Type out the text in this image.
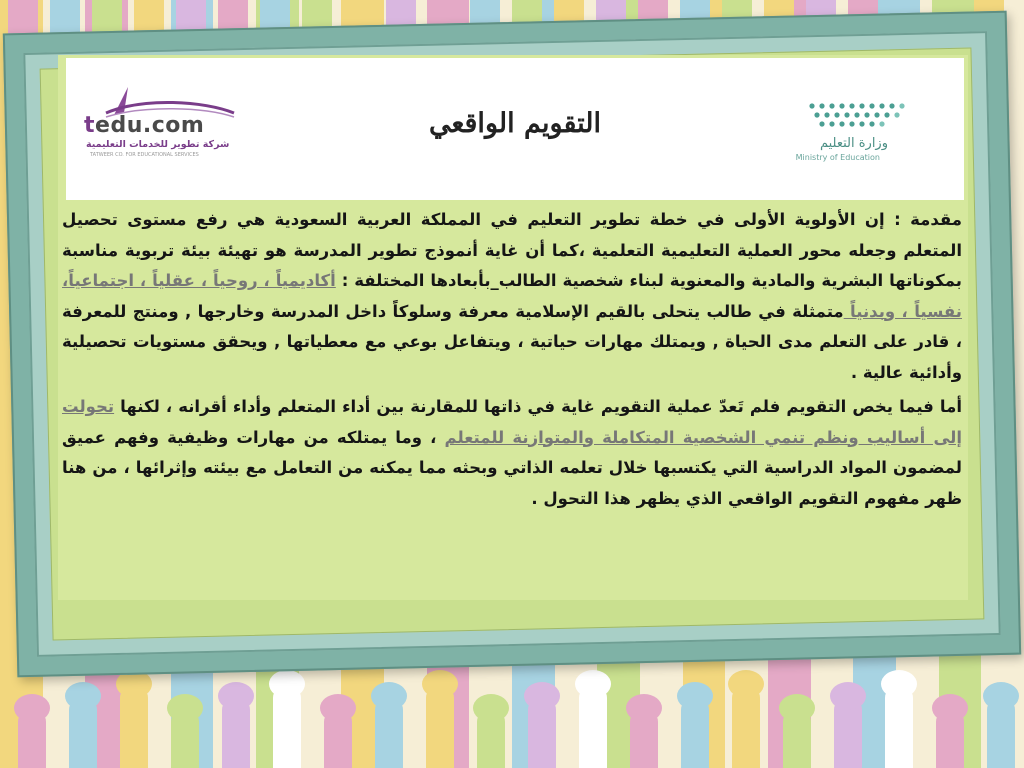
tedu.com
شركة تطوير للخدمات التعليمية
TATWEER CO. FOR EDUCATIONAL SERVICES
التقويم الواقعي
وزارة التعليم
Ministry of Education

مقدمة : إن الأولوية الأولى في خطة تطوير التعليم في المملكة العربية السعودية هي رفع مستوى تحصيل المتعلم وجعله محور العملية التعليمية التعلمية ،كما أن غاية أنموذج تطوير المدرسة هو تهيئة بيئة تربوية مناسبة بمكوناتها البشرية والمادية والمعنوية لبناء شخصية الطالب_بأبعادها المختلفة : أكاديمياً ، روحياً ، عقلياً ، اجتماعياً، نفسياً ، وبدنياً متمثلة في طالب يتحلى بالقيم الإسلامية معرفة وسلوكاً داخل المدرسة وخارجها , ومنتج للمعرفة ، قادر على التعلم مدى الحياة , ويمتلك مهارات حياتية ، ويتفاعل بوعي مع معطياتها , ويحقق مستويات تحصيلية وأدائية عالية .

أما فيما يخص التقويم فلم تَعدّ عملية التقويم غاية في ذاتها للمقارنة بين أداء المتعلم وأداء أقرانه ، لكنها تحولت إلى أساليب ونظم تنمي الشخصية المتكاملة والمتوازنة للمتعلم ، وما يمتلكه من مهارات وظيفية وفهم عميق لمضمون المواد الدراسية التي يكتسبها خلال تعلمه الذاتي وبحثه مما يمكنه من التعامل مع بيئته وإثرائها ، من هنا ظهر مفهوم التقويم الواقعي الذي يظهر هذا التحول .
